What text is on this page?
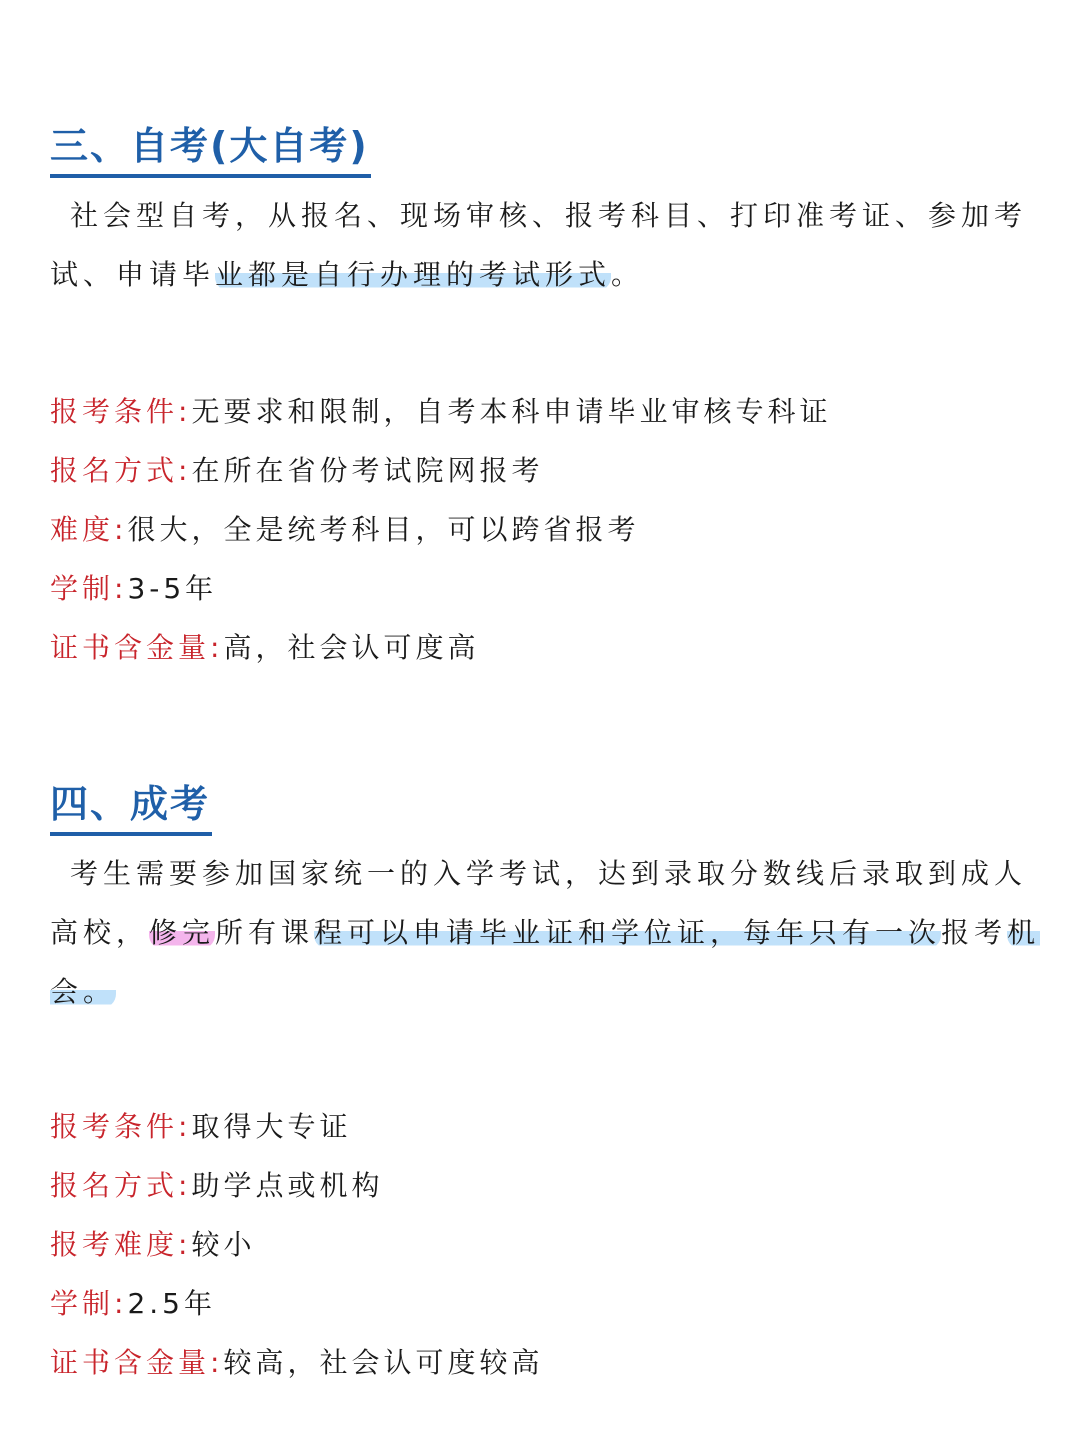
三、自考(大自考)

社会型自考，从报名、现场审核、报考科目、打印准考证、参加考试、申请毕业都是自行办理的考试形式。

报考条件:无要求和限制，自考本科申请毕业审核专科证
报名方式:在所在省份考试院网报考
难度:很大，全是统考科目，可以跨省报考
学制:3-5年
证书含金量:高，社会认可度高
四、成考

考生需要参加国家统一的入学考试，达到录取分数线后录取到成人高校，修完所有课程可以申请毕业证和学位证，每年只有一次报考机会。

报考条件:取得大专证
报名方式:助学点或机构
报考难度:较小
学制:2.5年
证书含金量:较高，社会认可度较高
